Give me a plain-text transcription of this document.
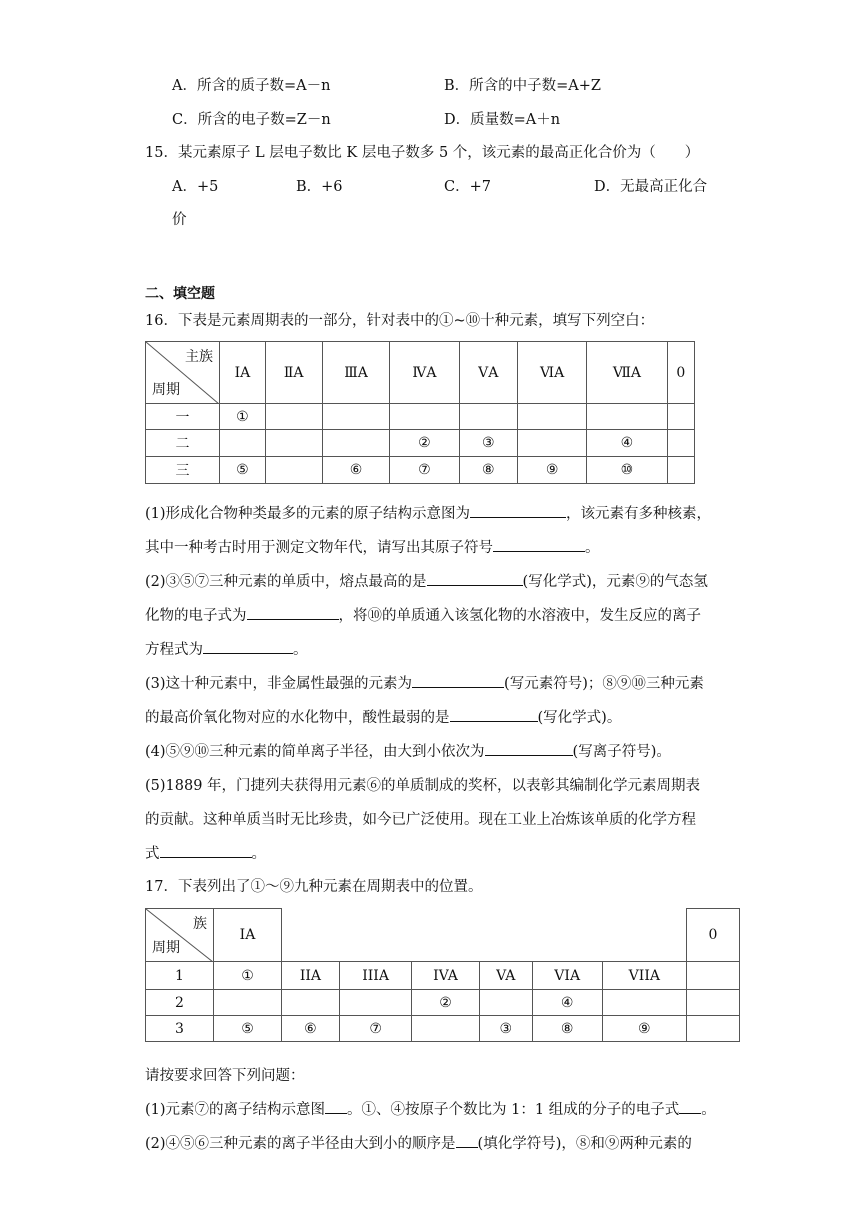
A．所含的质子数=A－n	B．所含的中子数=A+Z
C．所含的电子数=Z－n	D．质量数=A＋n
15．某元素原子 L 层电子数比 K 层电子数多 5 个，该元素的最高正化合价为（　　）
A．+5	B．+6	C．+7	D．无最高正化合
价
二、填空题
16．下表是元素周期表的一部分，针对表中的①~⑩十种元素，填写下列空白：
主族
周期	ⅠA	ⅡA	ⅢA	ⅣA	ⅤA	ⅥA	ⅦA	0
一	①							
二				②	③		④	
三	⑤		⑥	⑦	⑧	⑨	⑩	
(1)形成化合物种类最多的元素的原子结构示意图为	，该元素有多种核素，
其中一种考古时用于测定文物年代，请写出其原子符号	。
(2)③⑤⑦三种元素的单质中，熔点最高的是	(写化学式)，元素⑨的气态氢
化物的电子式为	，将⑩的单质通入该氢化物的水溶液中，发生反应的离子
方程式为	。
(3)这十种元素中，非金属性最强的元素为	(写元素符号)；⑧⑨⑩三种元素
的最高价氧化物对应的水化物中，酸性最弱的是	(写化学式)。
(4)⑤⑨⑩三种元素的简单离子半径，由大到小依次为	(写离子符号)。
(5)1889 年，门捷列夫获得用元素⑥的单质制成的奖杯，以表彰其编制化学元素周期表
的贡献。这种单质当时无比珍贵，如今已广泛使用。现在工业上冶炼该单质的化学方程
式	。
17．下表列出了①～⑨九种元素在周期表中的位置。
族
周期	IA							0
1	①	IIA	IIIA	IVA	VA	VIA	VIIA	
2				②		④		
3	⑤	⑥	⑦		③	⑧	⑨	
请按要求回答下列问题：
(1)元素⑦的离子结构示意图 。①、④按原子个数比为 1：1 组成的分子的电子式 。
(2)④⑤⑥三种元素的离子半径由大到小的顺序是 (填化学符号)，⑧和⑨两种元素的
